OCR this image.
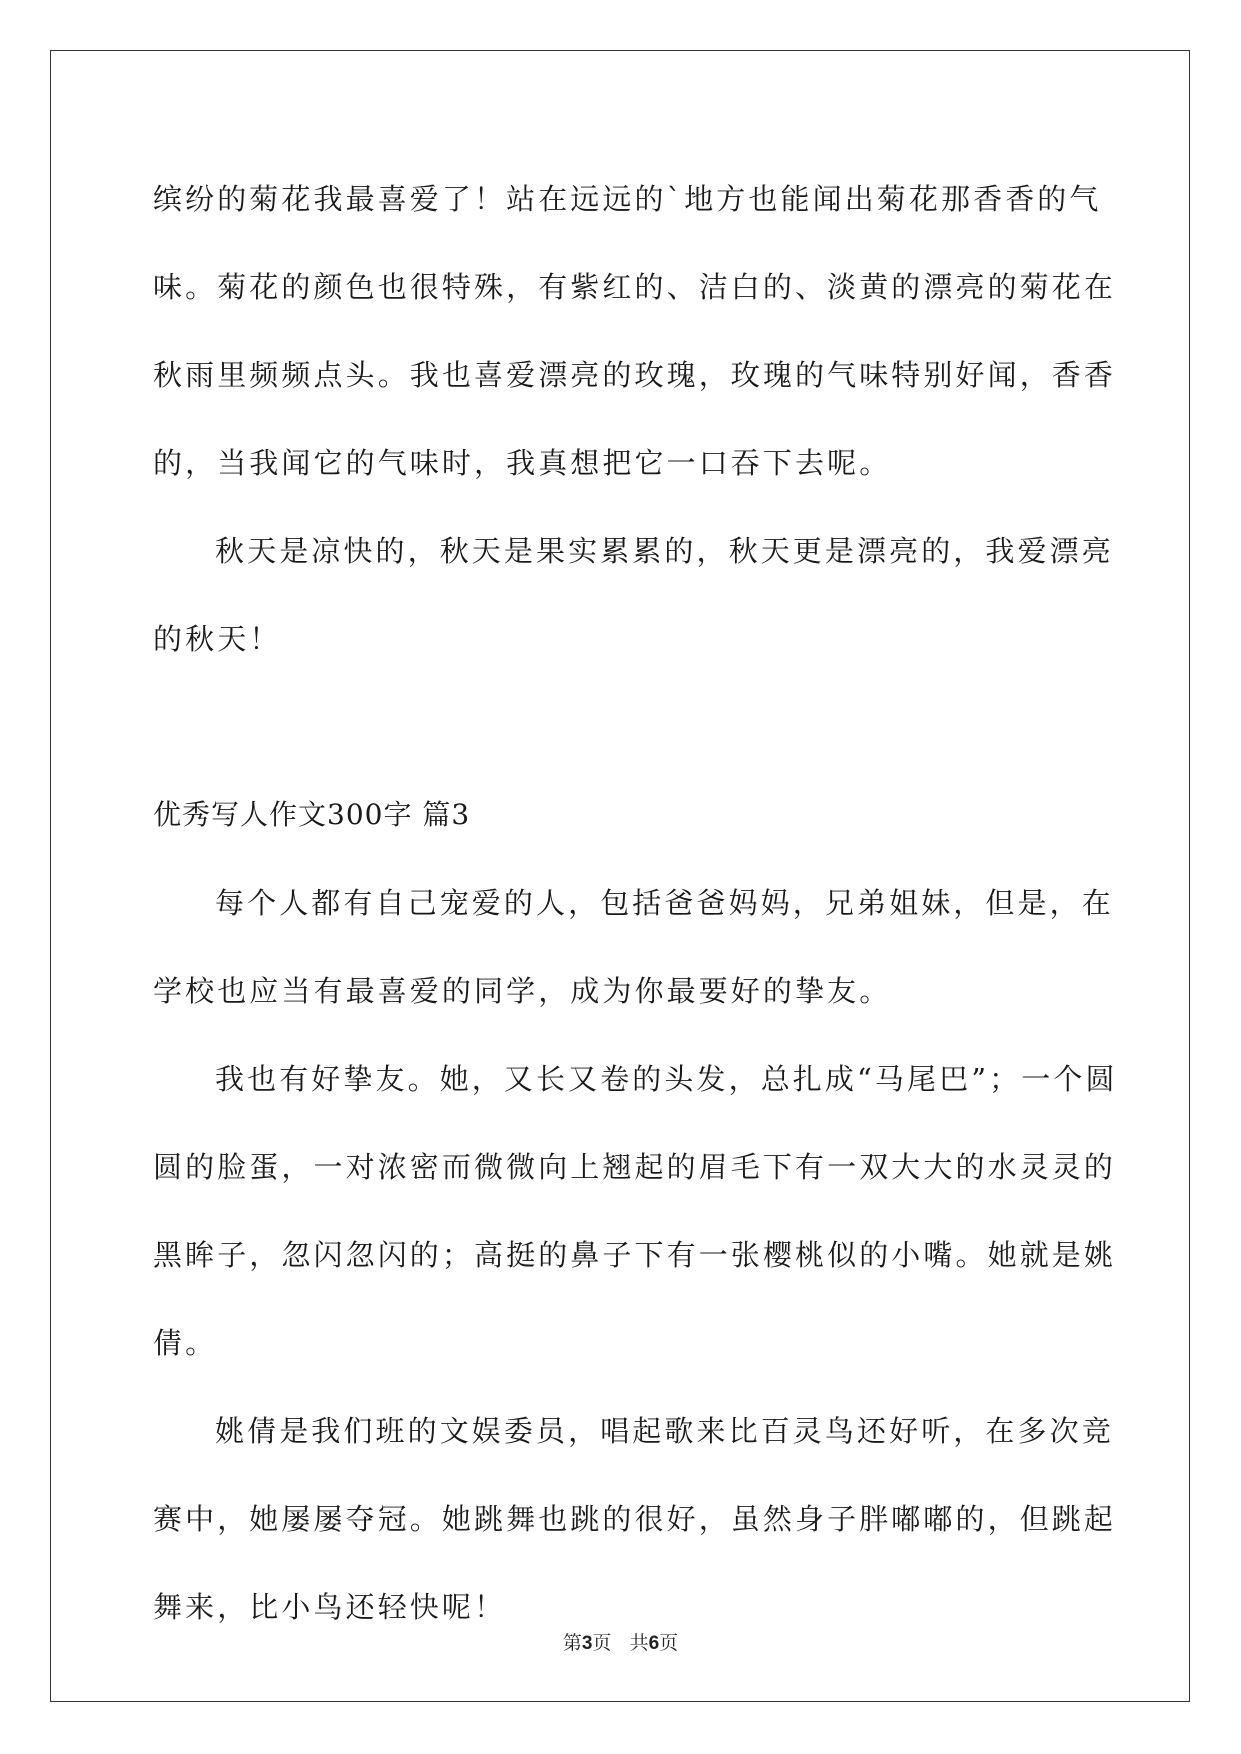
缤纷的菊花我最喜爱了！站在远远的`地方也能闻出菊花那香香的气
味。菊花的颜色也很特殊，有紫红的、洁白的、淡黄的漂亮的菊花在
秋雨里频频点头。我也喜爱漂亮的玫瑰，玫瑰的气味特别好闻，香香
的，当我闻它的气味时，我真想把它一口吞下去呢。
秋天是凉快的，秋天是果实累累的，秋天更是漂亮的，我爱漂亮
的秋天！
优秀写人作文300字 篇3
每个人都有自己宠爱的人，包括爸爸妈妈，兄弟姐妹，但是，在
学校也应当有最喜爱的同学，成为你最要好的挚友。
我也有好挚友。她，又长又卷的头发，总扎成“马尾巴”；一个圆
圆的脸蛋，一对浓密而微微向上翘起的眉毛下有一双大大的水灵灵的
黑眸子，忽闪忽闪的；高挺的鼻子下有一张樱桃似的小嘴。她就是姚
倩。
姚倩是我们班的文娱委员，唱起歌来比百灵鸟还好听，在多次竞
赛中，她屡屡夺冠。她跳舞也跳的很好，虽然身子胖嘟嘟的，但跳起
舞来，比小鸟还轻快呢！
第3页 共6页
